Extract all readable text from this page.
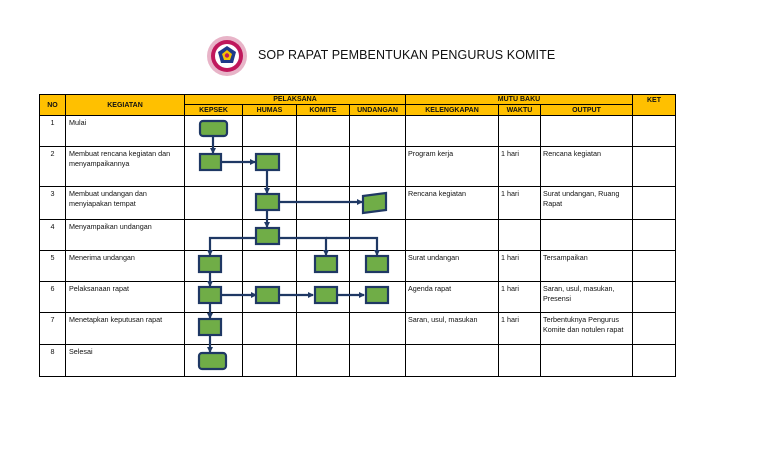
SOP RAPAT PEMBENTUKAN PENGURUS KOMITE
NO	KEGIATAN	PELAKSANA				MUTU BAKU			KET
		KEPSEK	HUMAS	KOMITE	UNDANGAN	KELENGKAPAN	WAKTU	OUTPUT	
1	Mulai								
2	Membuat rencana kegiatan dan menyampaikannya					Program kerja	1 hari	Rencana kegiatan	
3	Membuat undangan dan menyiapakan tempat					Rencana kegiatan	1 hari	Surat undangan, Ruang Rapat	
4	Menyampaikan undangan								
5	Menerima undangan					Surat undangan	1 hari	Tersampaikan	
6	Pelaksanaan rapat					Agenda rapat	1 hari	Saran, usul, masukan, Presensi	
7	Menetapkan keputusan rapat					Saran, usul, masukan	1 hari	Terbentuknya Pengurus Komite dan notulen rapat	
8	Selesai								
